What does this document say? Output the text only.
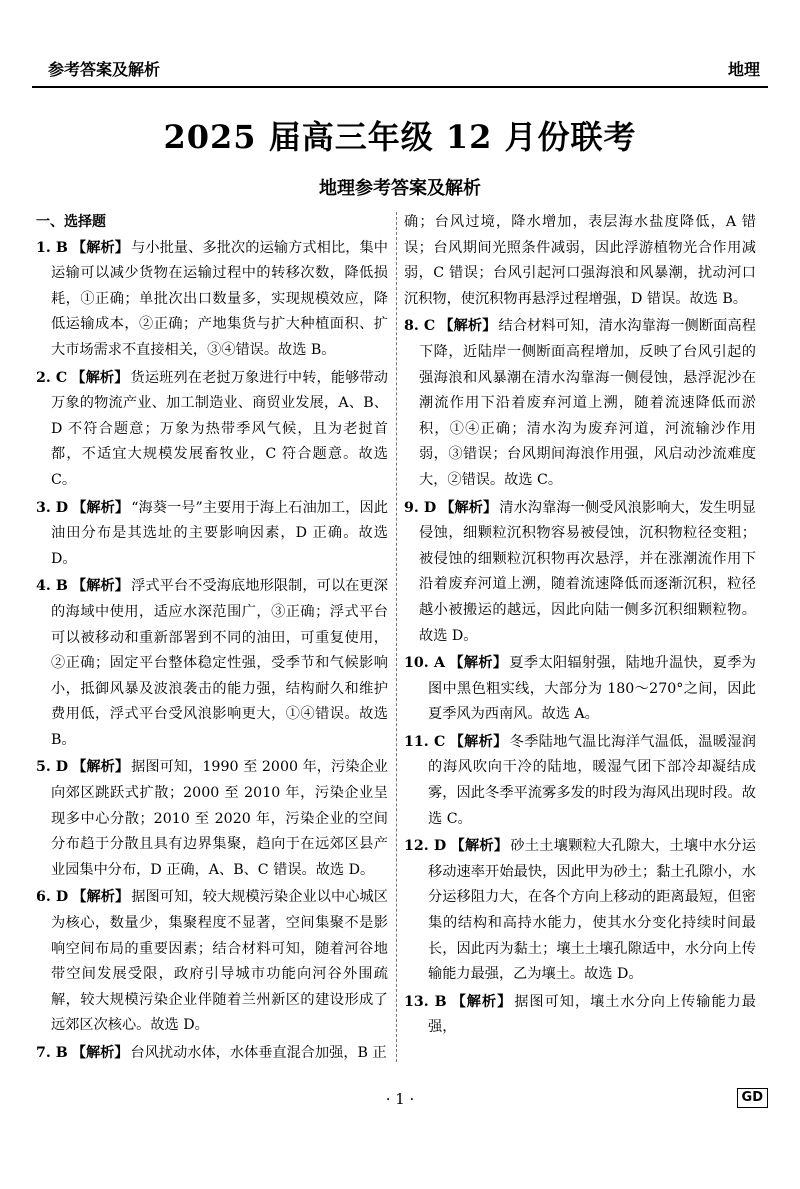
参考答案及解析	地理
2025 届高三年级 12 月份联考
地理参考答案及解析
一、选择题
1. B 【解析】 与小批量、多批次的运输方式相比，集中运输可以减少货物在运输过程中的转移次数，降低损耗，①正确；单批次出口数量多，实现规模效应，降低运输成本，②正确；产地集货与扩大种植面积、扩大市场需求不直接相关，③④错误。故选 B。
2. C 【解析】 货运班列在老挝万象进行中转，能够带动万象的物流产业、加工制造业、商贸业发展，A、B、D 不符合题意；万象为热带季风气候，且为老挝首都，不适宜大规模发展畜牧业，C 符合题意。故选 C。
3. D 【解析】 “海葵一号”主要用于海上石油加工，因此油田分布是其选址的主要影响因素，D 正确。故选 D。
4. B 【解析】 浮式平台不受海底地形限制，可以在更深的海域中使用，适应水深范围广，③正确；浮式平台可以被移动和重新部署到不同的油田，可重复使用，②正确；固定平台整体稳定性强，受季节和气候影响小，抵御风暴及波浪袭击的能力强，结构耐久和维护费用低，浮式平台受风浪影响更大，①④错误。故选 B。
5. D 【解析】 据图可知，1990 至 2000 年，污染企业向郊区跳跃式扩散；2000 至 2010 年，污染企业呈现多中心分散；2010 至 2020 年，污染企业的空间分布趋于分散且具有边界集聚，趋向于在远郊区县产业园集中分布，D 正确，A、B、C 错误。故选 D。
6. D 【解析】 据图可知，较大规模污染企业以中心城区为核心，数量少，集聚程度不显著，空间集聚不是影响空间布局的重要因素；结合材料可知，随着河谷地带空间发展受限，政府引导城市功能向河谷外围疏解，较大规模污染企业伴随着兰州新区的建设形成了远郊区次核心。故选 D。
7. B 【解析】 台风扰动水体，水体垂直混合加强，B 正
确；台风过境，降水增加，表层海水盐度降低，A 错误；台风期间光照条件减弱，因此浮游植物光合作用减弱，C 错误；台风引起河口强海浪和风暴潮，扰动河口沉积物，使沉积物再悬浮过程增强，D 错误。故选 B。
8. C 【解析】 结合材料可知，清水沟靠海一侧断面高程下降，近陆岸一侧断面高程增加，反映了台风引起的强海浪和风暴潮在清水沟靠海一侧侵蚀，悬浮泥沙在潮流作用下沿着废弃河道上溯，随着流速降低而淤积，①④正确；清水沟为废弃河道，河流输沙作用弱，③错误；台风期间海浪作用强，风启动沙流难度大，②错误。故选 C。
9. D 【解析】 清水沟靠海一侧受风浪影响大，发生明显侵蚀，细颗粒沉积物容易被侵蚀，沉积物粒径变粗；被侵蚀的细颗粒沉积物再次悬浮，并在涨潮流作用下沿着废弃河道上溯，随着流速降低而逐渐沉积，粒径越小被搬运的越远，因此向陆一侧多沉积细颗粒物。故选 D。
10. A 【解析】 夏季太阳辐射强，陆地升温快，夏季为图中黑色粗实线，大部分为 180～270°之间，因此夏季风为西南风。故选 A。
11. C 【解析】 冬季陆地气温比海洋气温低，温暖湿润的海风吹向干冷的陆地，暖湿气团下部冷却凝结成雾，因此冬季平流雾多发的时段为海风出现时段。故选 C。
12. D 【解析】 砂土土壤颗粒大孔隙大，土壤中水分运移动速率开始最快，因此甲为砂土；黏土孔隙小，水分运移阻力大，在各个方向上移动的距离最短，但密集的结构和高持水能力，使其水分变化持续时间最长，因此丙为黏土；壤土土壤孔隙适中，水分向上传输能力最强，乙为壤土。故选 D。
13. B 【解析】 据图可知，壤土水分向上传输能力最强，
· 1 ·	GD
